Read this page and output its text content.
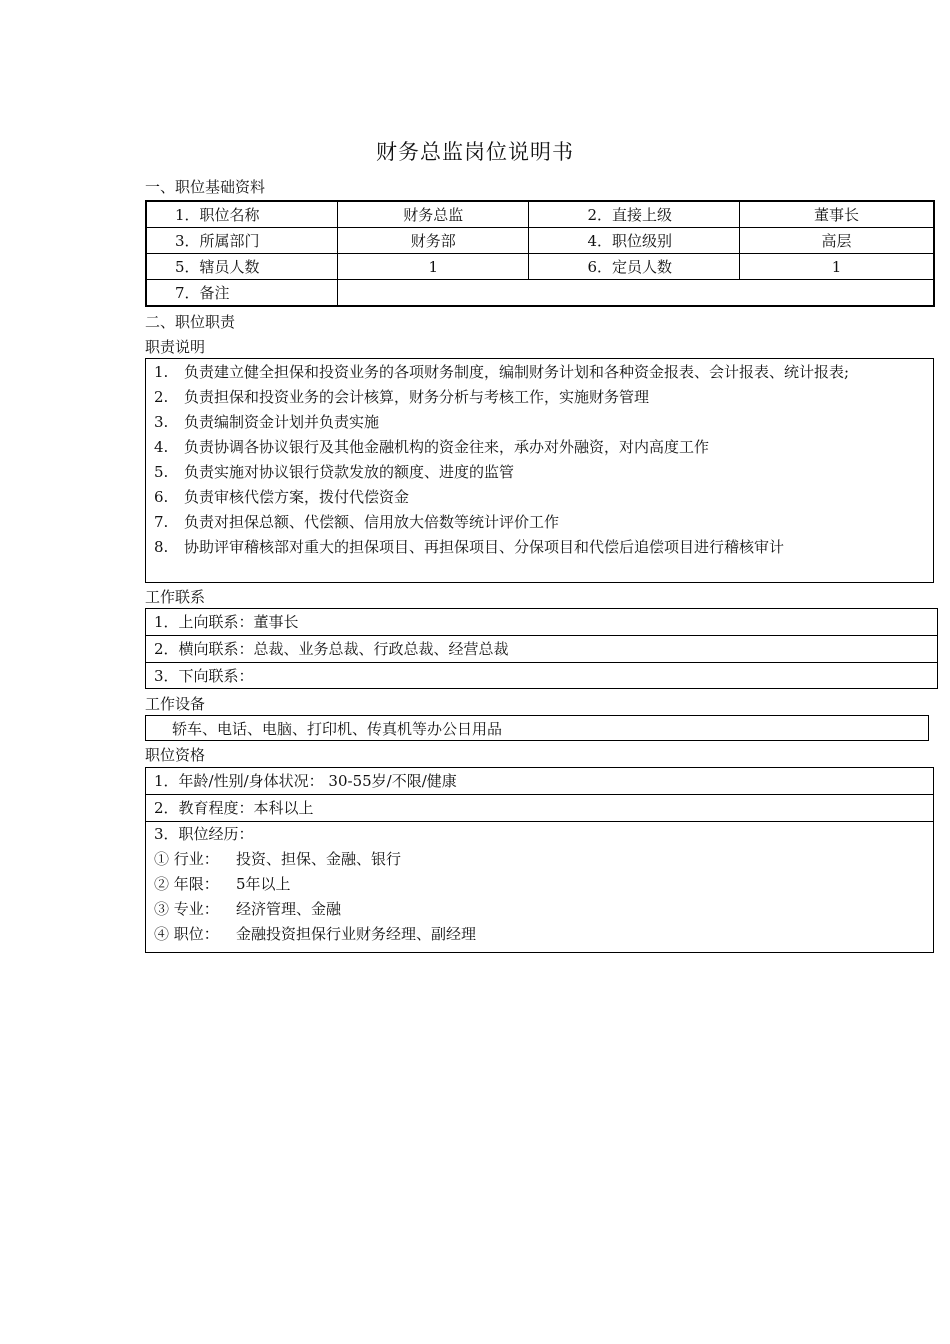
财务总监岗位说明书
一、职位基础资料
1．职位名称	财务总监	2．直接上级	董事长
3．所属部门	财务部	4．职位级别	高层
5．辖员人数	1	6．定员人数	1
7．备注			
二、职位职责
职责说明
1.	负责建立健全担保和投资业务的各项财务制度，编制财务计划和各种资金报表、会计报表、统计报表;
2.	负责担保和投资业务的会计核算，财务分析与考核工作，实施财务管理
3.	负责编制资金计划并负责实施
4.	负责协调各协议银行及其他金融机构的资金往来，承办对外融资，对内高度工作
5.	负责实施对协议银行贷款发放的额度、进度的监管
6.	负责审核代偿方案，拨付代偿资金
7.	负责对担保总额、代偿额、信用放大倍数等统计评价工作
8.	协助评审稽核部对重大的担保项目、再担保项目、分保项目和代偿后追偿项目进行稽核审计
工作联系
1．上向联系：董事长
2．横向联系：总裁、业务总裁、行政总裁、经营总裁
3．下向联系：
工作设备
轿车、电话、电脑、打印机、传真机等办公日用品
职位资格
1．年龄/性别/身体状况： 30-55岁/不限/健康
2．教育程度：本科以上
3．职位经历：
① 行业： 投资、担保、金融、银行
② 年限： 5年以上
③ 专业： 经济管理、金融
④ 职位： 金融投资担保行业财务经理、副经理
